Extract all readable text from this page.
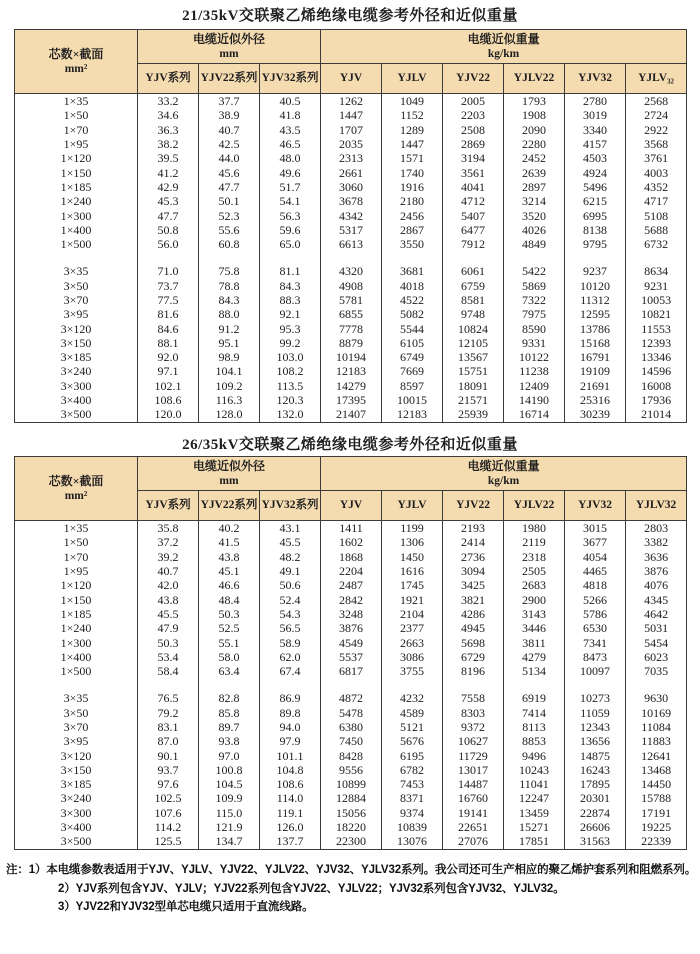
21/35kV交联聚乙烯绝缘电缆参考外径和近似重量
芯数×截面
mm²

电缆近似外径
mm

电缆近似重量
kg/km

	YJV系列	YJV22系列	YJV32系列	YJV	YJLV	YJV22	YJLV22	YJV32	YJLV₃₂
1×35	33.2	37.7	40.5	1262	1049	2005	1793	2780	2568
1×50	34.6	38.9	41.8	1447	1152	2203	1908	3019	2724
1×70	36.3	40.7	43.5	1707	1289	2508	2090	3340	2922
1×95	38.2	42.5	46.5	2035	1447	2869	2280	4157	3568
1×120	39.5	44.0	48.0	2313	1571	3194	2452	4503	3761
1×150	41.2	45.6	49.6	2661	1740	3561	2639	4924	4003
1×185	42.9	47.7	51.7	3060	1916	4041	2897	5496	4352
1×240	45.3	50.1	54.1	3678	2180	4712	3214	6215	4717
1×300	47.7	52.3	56.3	4342	2456	5407	3520	6995	5108
1×400	50.8	55.6	59.6	5317	2867	6477	4026	8138	5688
1×500	56.0	60.8	65.0	6613	3550	7912	4849	9795	6732

3×35	71.0	75.8	81.1	4320	3681	6061	5422	9237	8634
3×50	73.7	78.8	84.3	4908	4018	6759	5869	10120	9231
3×70	77.5	84.3	88.3	5781	4522	8581	7322	11312	10053
3×95	81.6	88.0	92.1	6855	5082	9748	7975	12595	10821
3×120	84.6	91.2	95.3	7778	5544	10824	8590	13786	11553
3×150	88.1	95.1	99.2	8879	6105	12105	9331	15168	12393
3×185	92.0	98.9	103.0	10194	6749	13567	10122	16791	13346
3×240	97.1	104.1	108.2	12183	7669	15751	11238	19109	14596
3×300	102.1	109.2	113.5	14279	8597	18091	12409	21691	16008
3×400	108.6	116.3	120.3	17395	10015	21571	14190	25316	17936
3×500	120.0	128.0	132.0	21407	12183	25939	16714	30239	21014
26/35kV交联聚乙烯绝缘电缆参考外径和近似重量
芯数×截面
mm²

电缆近似外径
mm

电缆近似重量
kg/km

	YJV系列	YJV22系列	YJV32系列	YJV	YJLV	YJV22	YJLV22	YJV32	YJLV32
1×35	35.8	40.2	43.1	1411	1199	2193	1980	3015	2803
1×50	37.2	41.5	45.5	1602	1306	2414	2119	3677	3382
1×70	39.2	43.8	48.2	1868	1450	2736	2318	4054	3636
1×95	40.7	45.1	49.1	2204	1616	3094	2505	4465	3876
1×120	42.0	46.6	50.6	2487	1745	3425	2683	4818	4076
1×150	43.8	48.4	52.4	2842	1921	3821	2900	5266	4345
1×185	45.5	50.3	54.3	3248	2104	4286	3143	5786	4642
1×240	47.9	52.5	56.5	3876	2377	4945	3446	6530	5031
1×300	50.3	55.1	58.9	4549	2663	5698	3811	7341	5454
1×400	53.4	58.0	62.0	5537	3086	6729	4279	8473	6023
1×500	58.4	63.4	67.4	6817	3755	8196	5134	10097	7035

3×35	76.5	82.8	86.9	4872	4232	7558	6919	10273	9630
3×50	79.2	85.8	89.8	5478	4589	8303	7414	11059	10169
3×70	83.1	89.7	94.0	6380	5121	9372	8113	12343	11084
3×95	87.0	93.8	97.9	7450	5676	10627	8853	13656	11883
3×120	90.1	97.0	101.1	8428	6195	11729	9496	14875	12641
3×150	93.7	100.8	104.8	9556	6782	13017	10243	16243	13468
3×185	97.6	104.5	108.6	10899	7453	14487	11041	17895	14450
3×240	102.5	109.9	114.0	12884	8371	16760	12247	20301	15788
3×300	107.6	115.0	119.1	15056	9374	19141	13459	22874	17191
3×400	114.2	121.9	126.0	18220	10839	22651	15271	26606	19225
3×500	125.5	134.7	137.7	22300	13076	27076	17851	31563	22339
注：1）本电缆参数表适用于YJV、YJLV、YJV22、YJLV22、YJV32、YJLV32系列。我公司还可生产相应的聚乙烯护套系列和阻燃系列。
2）YJV系列包含YJV、YJLV；YJV22系列包含YJV22、YJLV22；YJV32系列包含YJV32、YJLV32。
3）YJV22和YJV32型单芯电缆只适用于直流线路。
